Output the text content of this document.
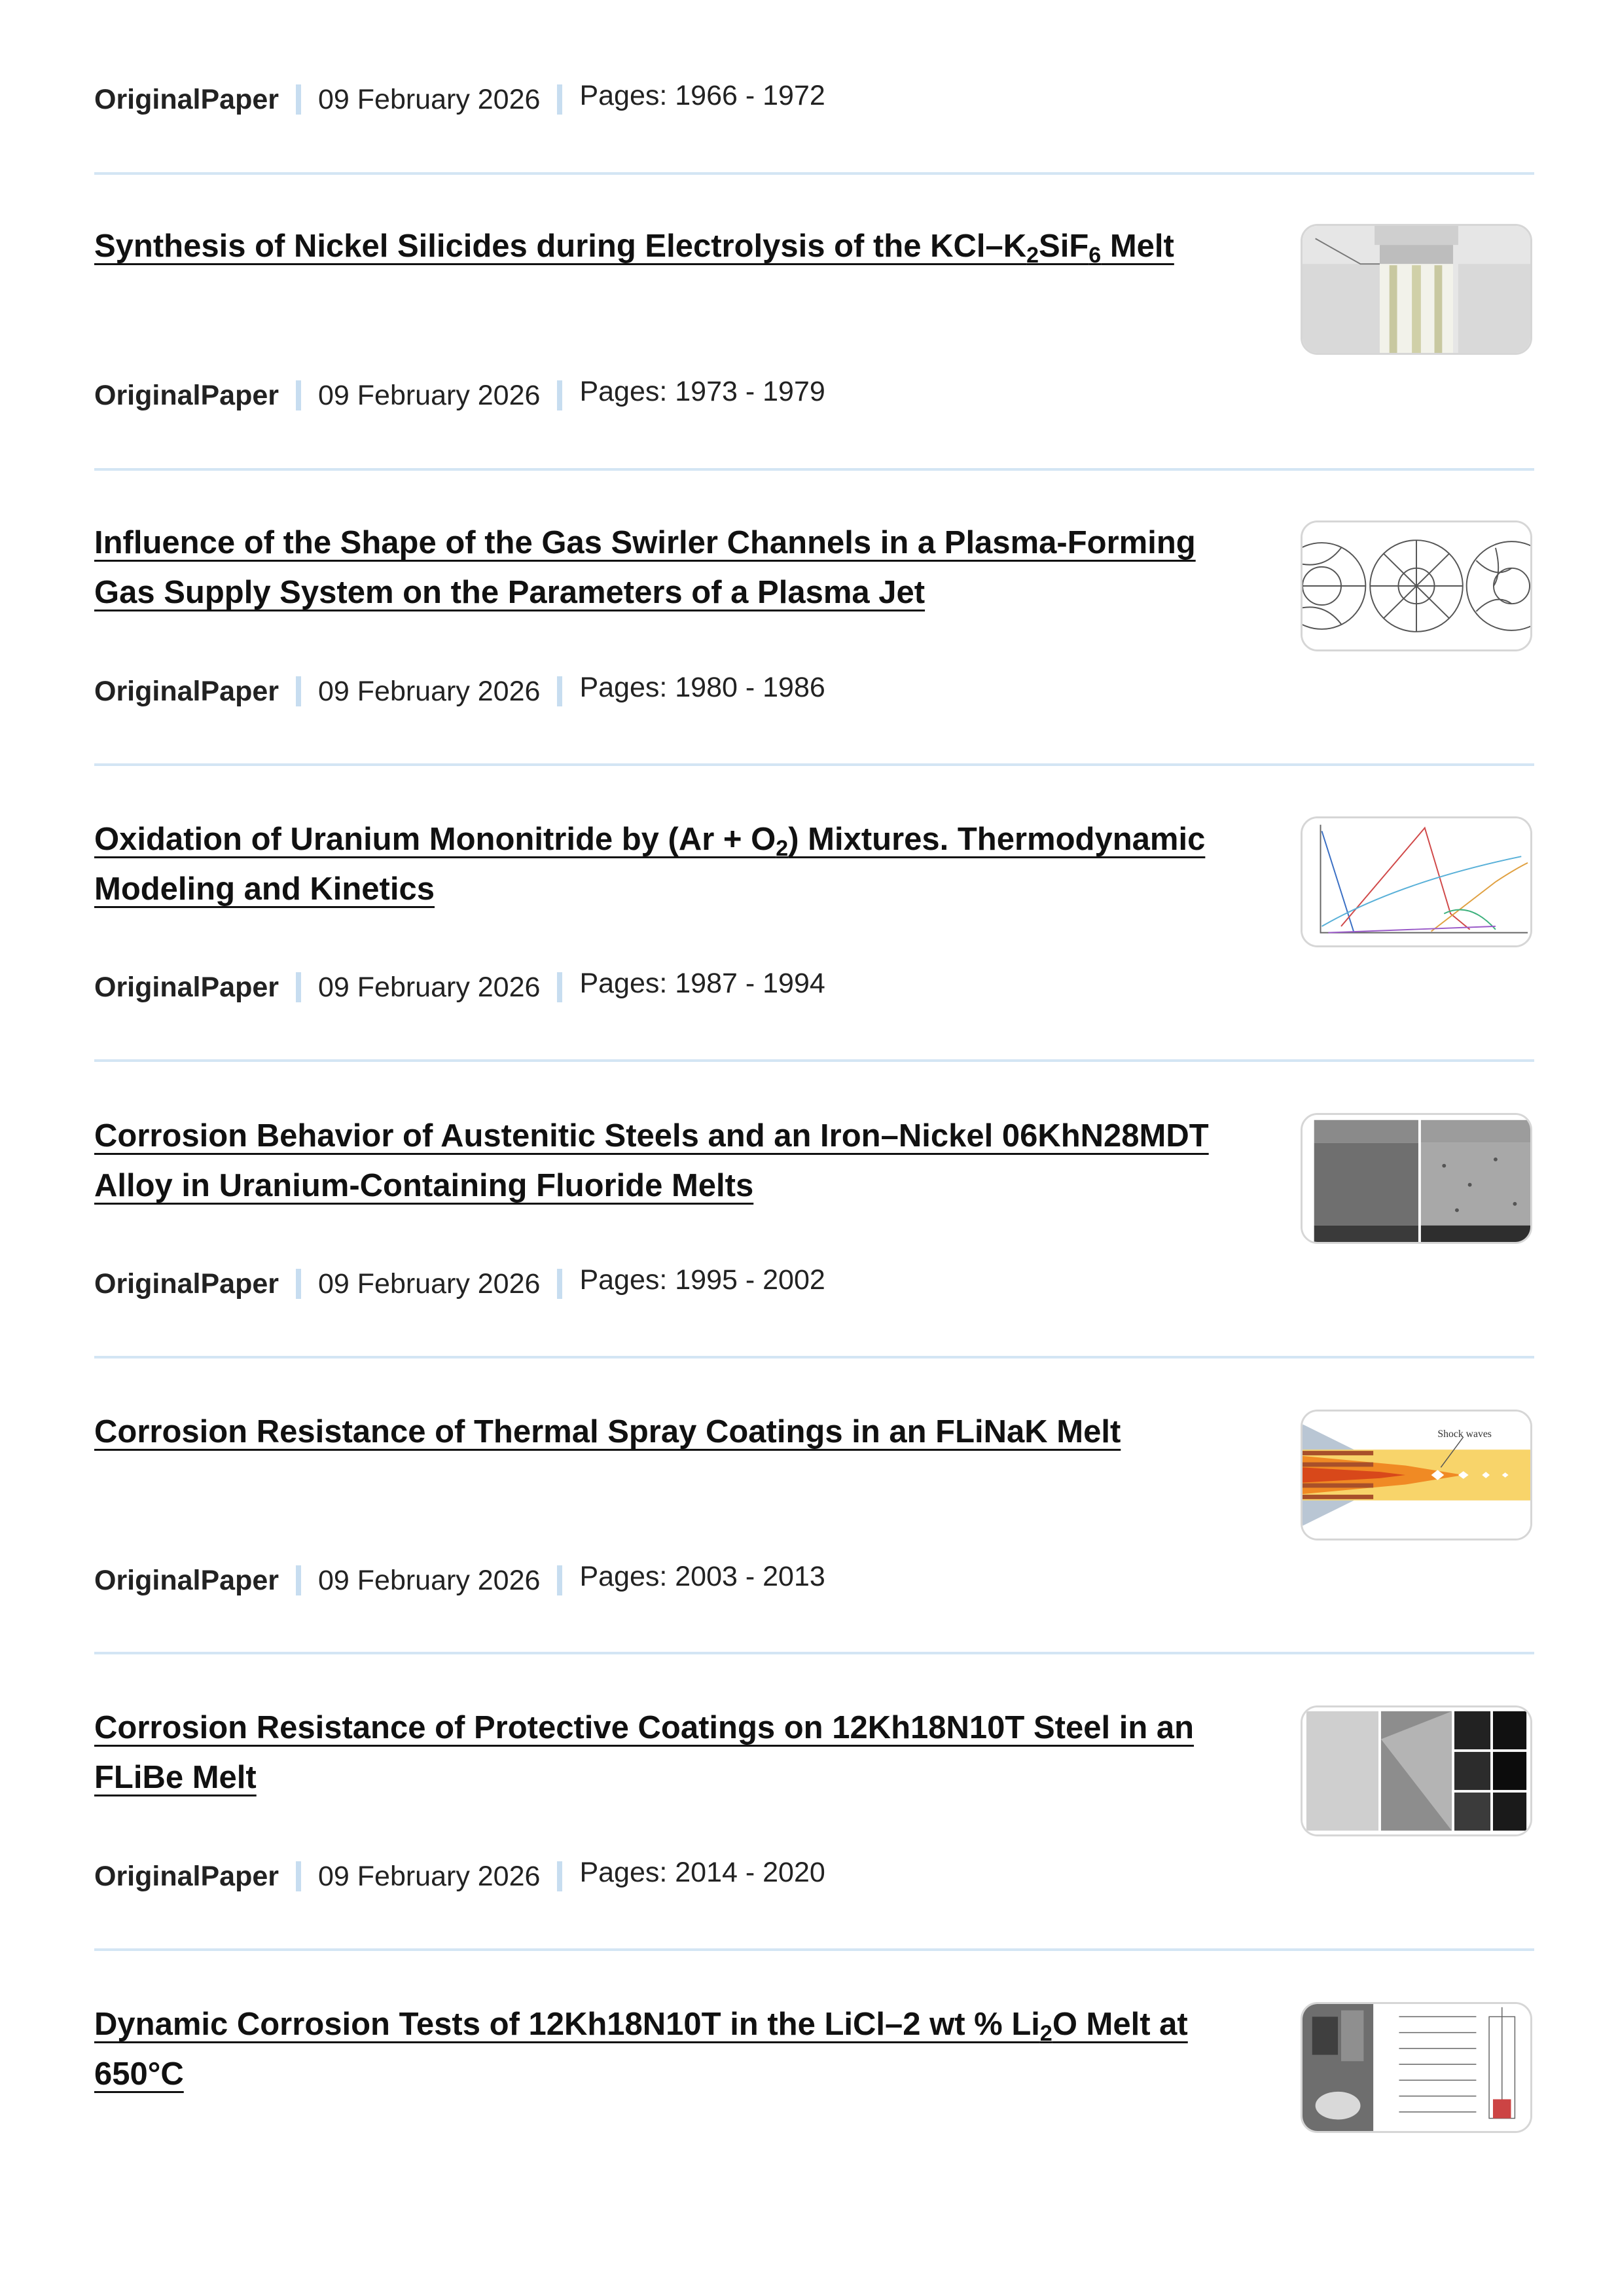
OriginalPaper 09 February 2026 Pages: 1966 - 1972
Synthesis of Nickel Silicides during Electrolysis of the KCl–$K_2SiF_6$ Melt
OriginalPaper 09 February 2026 Pages: 1973 - 1979
Influence of the Shape of the Gas Swirler Channels in a Plasma-Forming Gas Supply System on the Parameters of a Plasma Jet
OriginalPaper 09 February 2026 Pages: 1980 - 1986
Oxidation of Uranium Mononitride by $(Ar + O_2)$ Mixtures. Thermodynamic Modeling and Kinetics
OriginalPaper 09 February 2026 Pages: 1987 - 1994
Corrosion Behavior of Austenitic Steels and an Iron–Nickel 06KhN28MDT Alloy in Uranium-Containing Fluoride Melts
OriginalPaper 09 February 2026 Pages: 1995 - 2002
Corrosion Resistance of Thermal Spray Coatings in an FLiNaK Melt	Shock waves
OriginalPaper 09 February 2026 Pages: 2003 - 2013
Corrosion Resistance of Protective Coatings on 12Kh18N10T Steel in an FLiBe Melt
OriginalPaper 09 February 2026 Pages: 2014 - 2020
Dynamic Corrosion Tests of 12Kh18N10T in the LiCl–2 wt % $Li_2O$ Melt at 650°C
